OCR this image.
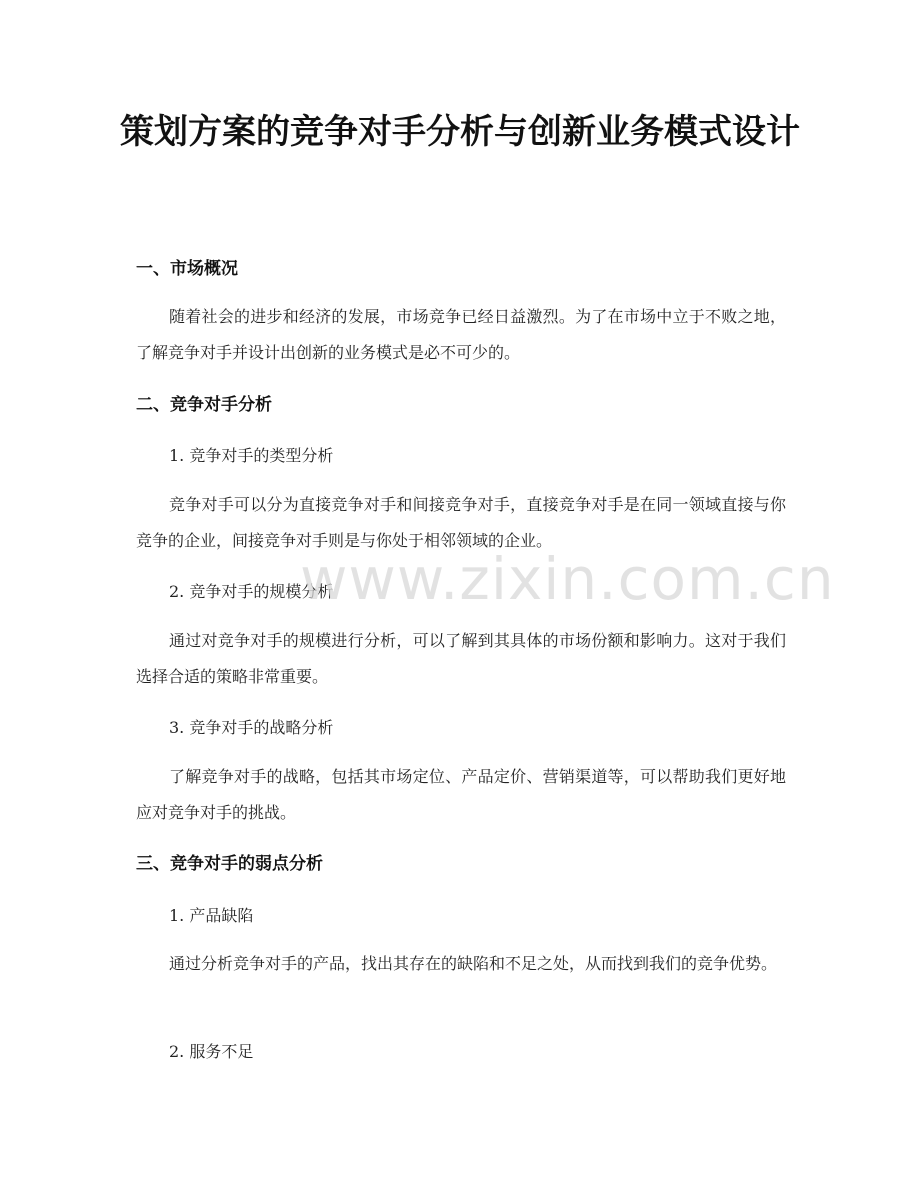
策划方案的竞争对手分析与创新业务模式设计
一、市场概况

随着社会的进步和经济的发展，市场竞争已经日益激烈。为了在市场中立于不败之地，了解竞争对手并设计出创新的业务模式是必不可少的。

二、竞争对手分析

1. 竞争对手的类型分析

竞争对手可以分为直接竞争对手和间接竞争对手，直接竞争对手是在同一领域直接与你竞争的企业，间接竞争对手则是与你处于相邻领域的企业。

2. 竞争对手的规模分析

通过对竞争对手的规模进行分析，可以了解到其具体的市场份额和影响力。这对于我们选择合适的策略非常重要。

3. 竞争对手的战略分析

了解竞争对手的战略，包括其市场定位、产品定价、营销渠道等，可以帮助我们更好地应对竞争对手的挑战。

三、竞争对手的弱点分析

1. 产品缺陷

通过分析竞争对手的产品，找出其存在的缺陷和不足之处，从而找到我们的竞争优势。

2. 服务不足

www.zixin.com.cn
